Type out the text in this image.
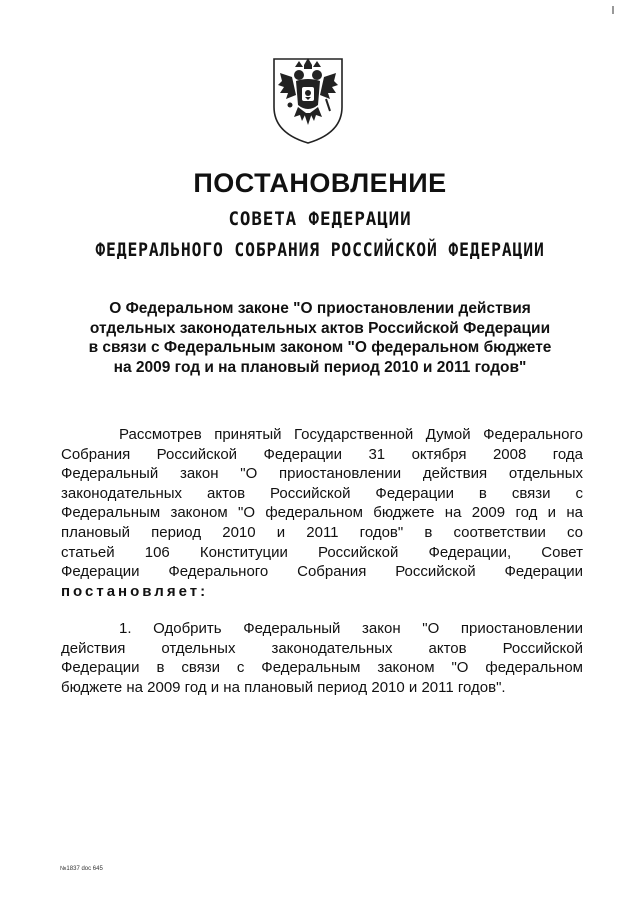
ПОСТАНОВЛЕНИЕ
СОВЕТА ФЕДЕРАЦИИ
ФЕДЕРАЛЬНОГО СОБРАНИЯ РОССИЙСКОЙ ФЕДЕРАЦИИ
О Федеральном законе "О приостановлении действия
отдельных законодательных актов Российской Федерации
в связи с Федеральным законом "О федеральном бюджете
на 2009 год и на плановый период 2010 и 2011 годов"
Рассмотрев принятый Государственной Думой Федерального
Собрания Российской Федерации 31 октября 2008 года
Федеральный закон "О приостановлении действия отдельных
законодательных актов Российской Федерации в связи с
Федеральным законом "О федеральном бюджете на 2009 год и на
плановый период 2010 и 2011 годов" в соответствии со
статьей 106 Конституции Российской Федерации, Совет
Федерации Федерального Собрания Российской Федерации
постановляет:
1. Одобрить Федеральный закон "О приостановлении
действия отдельных законодательных актов Российской
Федерации в связи с Федеральным законом "О федеральном
бюджете на 2009 год и на плановый период 2010 и 2011 годов".
№1837 doc 645
